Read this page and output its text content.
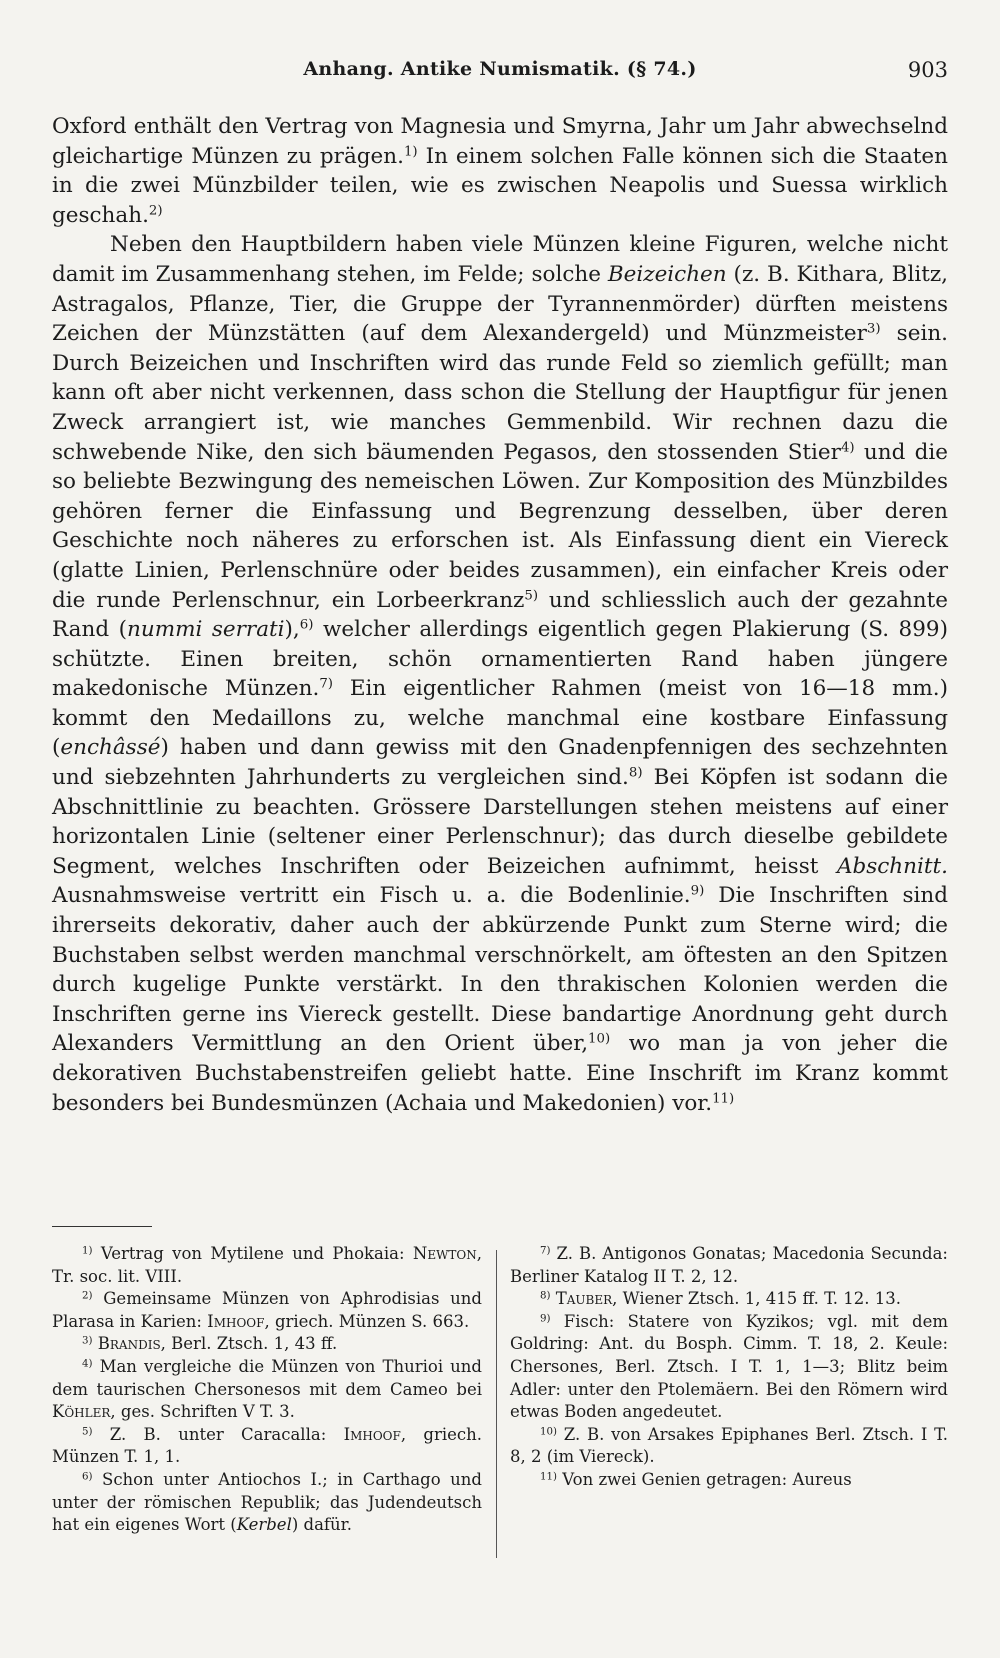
Anhang. Antike Numismatik. (§ 74.)	903

Oxford enthält den Vertrag von Magnesia und Smyrna, Jahr um Jahr abwechselnd gleichartige Münzen zu prägen.$^{1)}$ In einem solchen Falle können sich die Staaten in die zwei Münzbilder teilen, wie es zwischen Neapolis und Suessa wirklich geschah.$^{2)}$

Neben den Hauptbildern haben viele Münzen kleine Figuren, welche nicht damit im Zusammenhang stehen, im Felde; solche Beizeichen (z. B. Kithara, Blitz, Astragalos, Pflanze, Tier, die Gruppe der Tyrannenmörder) dürften meistens Zeichen der Münzstätten (auf dem Alexandergeld) und Münzmeister$^{3)}$ sein. Durch Beizeichen und Inschriften wird das runde Feld so ziemlich gefüllt; man kann oft aber nicht verkennen, dass schon die Stellung der Hauptfigur für jenen Zweck arrangiert ist, wie manches Gemmenbild. Wir rechnen dazu die schwebende Nike, den sich bäumenden Pegasos, den stossenden Stier$^{4)}$ und die so beliebte Bezwingung des nemeischen Löwen. Zur Komposition des Münzbildes gehören ferner die Einfassung und Begrenzung desselben, über deren Geschichte noch näheres zu erforschen ist. Als Einfassung dient ein Viereck (glatte Linien, Perlenschnüre oder beides zusammen), ein einfacher Kreis oder die runde Perlenschnur, ein Lorbeerkranz$^{5)}$ und schliesslich auch der gezahnte Rand (nummi serrati),$^{6)}$ welcher allerdings eigentlich gegen Plakierung (S. 899) schützte. Einen breiten, schön ornamentierten Rand haben jüngere makedonische Münzen.$^{7)}$ Ein eigentlicher Rahmen (meist von 16—18 mm.) kommt den Medaillons zu, welche manchmal eine kostbare Einfassung (enchâssé) haben und dann gewiss mit den Gnadenpfennigen des sechzehnten und siebzehnten Jahrhunderts zu vergleichen sind.$^{8)}$ Bei Köpfen ist sodann die Abschnittlinie zu beachten. Grössere Darstellungen stehen meistens auf einer horizontalen Linie (seltener einer Perlenschnur); das durch dieselbe gebildete Segment, welches Inschriften oder Beizeichen aufnimmt, heisst Abschnitt. Ausnahmsweise vertritt ein Fisch u. a. die Bodenlinie.$^{9)}$ Die Inschriften sind ihrerseits dekorativ, daher auch der abkürzende Punkt zum Sterne wird; die Buchstaben selbst werden manchmal verschnörkelt, am öftesten an den Spitzen durch kugelige Punkte verstärkt. In den thrakischen Kolonien werden die Inschriften gerne ins Viereck gestellt. Diese bandartige Anordnung geht durch Alexanders Vermittlung an den Orient über,$^{10)}$ wo man ja von jeher die dekorativen Buchstabenstreifen geliebt hatte. Eine Inschrift im Kranz kommt besonders bei Bundesmünzen (Achaia und Makedonien) vor.$^{11)}$

$^{1)}$ Vertrag von Mytilene und Phokaia: Newton, Tr. soc. lit. VIII.

$^{2)}$ Gemeinsame Münzen von Aphrodisias und Plarasa in Karien: Imhoof, griech. Münzen S. 663.

$^{3)}$ Brandis, Berl. Ztsch. 1, 43 ff.

$^{4)}$ Man vergleiche die Münzen von Thurioi und dem taurischen Chersonesos mit dem Cameo bei Köhler, ges. Schriften V T. 3.

$^{5)}$ Z. B. unter Caracalla: Imhoof, griech. Münzen T. 1, 1.

$^{6)}$ Schon unter Antiochos I.; in Carthago und unter der römischen Republik; das Judendeutsch hat ein eigenes Wort (Kerbel) dafür.

$^{7)}$ Z. B. Antigonos Gonatas; Macedonia Secunda: Berliner Katalog II T. 2, 12.

$^{8)}$ Tauber, Wiener Ztsch. 1, 415 ff. T. 12. 13.

$^{9)}$ Fisch: Statere von Kyzikos; vgl. mit dem Goldring: Ant. du Bosph. Cimm. T. 18, 2. Keule: Chersones, Berl. Ztsch. I T. 1, 1—3; Blitz beim Adler: unter den Ptolemäern. Bei den Römern wird etwas Boden angedeutet.

$^{10)}$ Z. B. von Arsakes Epiphanes Berl. Ztsch. I T. 8, 2 (im Viereck).

$^{11)}$ Von zwei Genien getragen: Aureus
